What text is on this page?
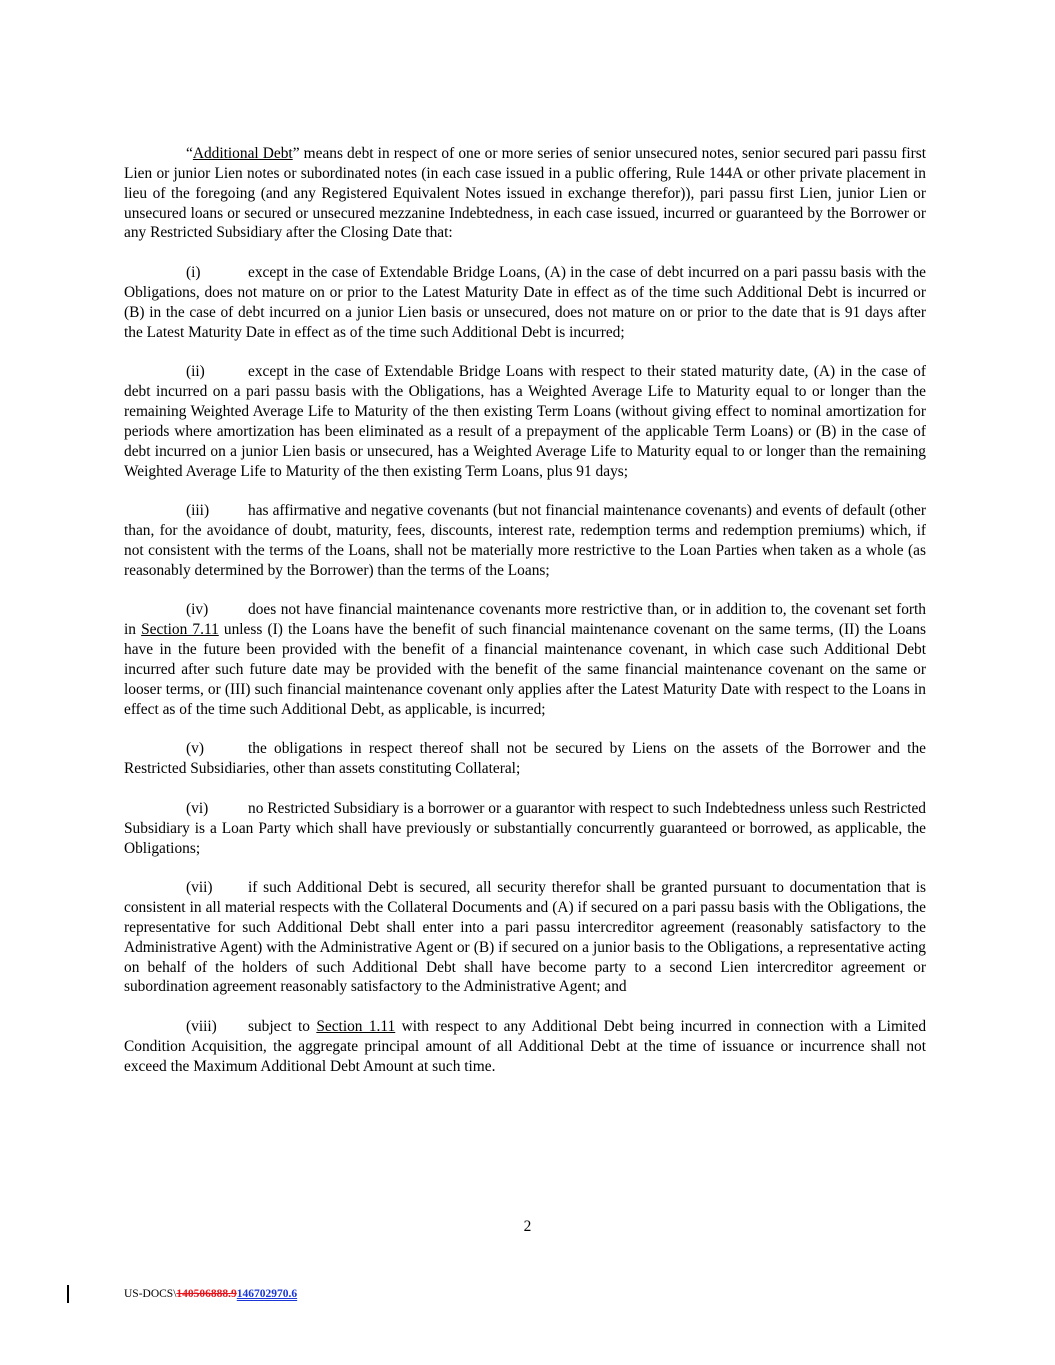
“Additional Debt” means debt in respect of one or more series of senior unsecured notes, senior secured pari passu first Lien or junior Lien notes or subordinated notes (in each case issued in a public offering, Rule 144A or other private placement in lieu of the foregoing (and any Registered Equivalent Notes issued in exchange therefor)), pari passu first Lien, junior Lien or unsecured loans or secured or unsecured mezzanine Indebtedness, in each case issued, incurred or guaranteed by the Borrower or any Restricted Subsidiary after the Closing Date that:

(i)	except in the case of Extendable Bridge Loans, (A) in the case of debt incurred on a pari passu basis with the Obligations, does not mature on or prior to the Latest Maturity Date in effect as of the time such Additional Debt is incurred or (B) in the case of debt incurred on a junior Lien basis or unsecured, does not mature on or prior to the date that is 91 days after the Latest Maturity Date in effect as of the time such Additional Debt is incurred;

(ii)	except in the case of Extendable Bridge Loans with respect to their stated maturity date, (A) in the case of debt incurred on a pari passu basis with the Obligations, has a Weighted Average Life to Maturity equal to or longer than the remaining Weighted Average Life to Maturity of the then existing Term Loans (without giving effect to nominal amortization for periods where amortization has been eliminated as a result of a prepayment of the applicable Term Loans) or (B) in the case of debt incurred on a junior Lien basis or unsecured, has a Weighted Average Life to Maturity equal to or longer than the remaining Weighted Average Life to Maturity of the then existing Term Loans, plus 91 days;

(iii)	has affirmative and negative covenants (but not financial maintenance covenants) and events of default (other than, for the avoidance of doubt, maturity, fees, discounts, interest rate, redemption terms and redemption premiums) which, if not consistent with the terms of the Loans, shall not be materially more restrictive to the Loan Parties when taken as a whole (as reasonably determined by the Borrower) than the terms of the Loans;

(iv)	does not have financial maintenance covenants more restrictive than, or in addition to, the covenant set forth in Section 7.11 unless (I) the Loans have the benefit of such financial maintenance covenant on the same terms, (II) the Loans have in the future been provided with the benefit of a financial maintenance covenant, in which case such Additional Debt incurred after such future date may be provided with the benefit of the same financial maintenance covenant on the same or looser terms, or (III) such financial maintenance covenant only applies after the Latest Maturity Date with respect to the Loans in effect as of the time such Additional Debt, as applicable, is incurred;

(v)	the obligations in respect thereof shall not be secured by Liens on the assets of the Borrower and the Restricted Subsidiaries, other than assets constituting Collateral;

(vi)	no Restricted Subsidiary is a borrower or a guarantor with respect to such Indebtedness unless such Restricted Subsidiary is a Loan Party which shall have previously or substantially concurrently guaranteed or borrowed, as applicable, the Obligations;

(vii) if such Additional Debt is secured, all security therefor shall be granted pursuant to documentation that is consistent in all material respects with the Collateral Documents and (A) if secured on a pari passu basis with the Obligations, the representative for such Additional Debt shall enter into a pari passu intercreditor agreement (reasonably satisfactory to the Administrative Agent) with the Administrative Agent or (B) if secured on a junior basis to the Obligations, a representative acting on behalf of the holders of such Additional Debt shall have become party to a second Lien intercreditor agreement or subordination agreement reasonably satisfactory to the Administrative Agent; and

(viii) subject to Section 1.11 with respect to any Additional Debt being incurred in connection with a Limited Condition Acquisition, the aggregate principal amount of all Additional Debt at the time of issuance or incurrence shall not exceed the Maximum Additional Debt Amount at such time.

2
US-DOCS\140506888.9146702970.6
